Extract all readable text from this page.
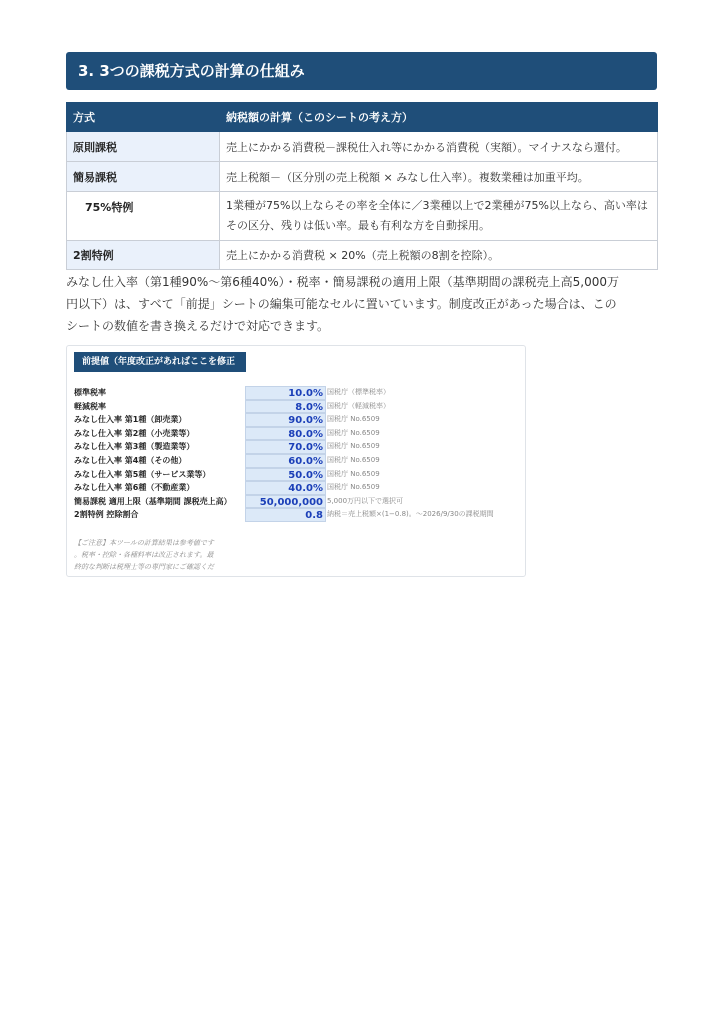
3. 3つの課税方式の計算の仕組み
方式	納税額の計算（このシートの考え方）
原則課税	売上にかかる消費税－課税仕入れ等にかかる消費税（実額）。マイナスなら還付。
簡易課税	売上税額－（区分別の売上税額 × みなし仕入率）。複数業種は加重平均。
75%特例	1業種が75%以上ならその率を全体に／3業種以上で2業種が75%以上なら、高い率は
その区分、残りは低い率。最も有利な方を自動採用。

2割特例	売上にかかる消費税 × 20%（売上税額の8割を控除）。
みなし仕入率（第1種90%〜第6種40%）・税率・簡易課税の適用上限（基準期間の課税売上高5,000万
円以下）は、すべて「前提」シートの編集可能なセルに置いています。制度改正があった場合は、この
シートの数値を書き換えるだけで対応できます。
前提値（年度改正があればここを修正
標準税率	10.0% 国税庁（標準税率）
軽減税率	8.0% 国税庁（軽減税率）
みなし仕入率 第1種（卸売業）	90.0% 国税庁 No.6509
みなし仕入率 第2種（小売業等）	80.0% 国税庁 No.6509
みなし仕入率 第3種（製造業等）	70.0% 国税庁 No.6509
みなし仕入率 第4種（その他）	60.0% 国税庁 No.6509
みなし仕入率 第5種（サービス業等）	50.0% 国税庁 No.6509
みなし仕入率 第6種（不動産業）	40.0% 国税庁 No.6509
簡易課税 適用上限（基準期間 課税売上高）	50,000,000 5,000万円以下で選択可
2割特例 控除割合	0.8 納税＝売上税額×(1−0.8)。〜2026/9/30の課税期間
【ご注意】本ツールの計算結果は参考値です
。税率・控除・各種料率は改正されます。最
終的な判断は税理士等の専門家にご確認くだ
